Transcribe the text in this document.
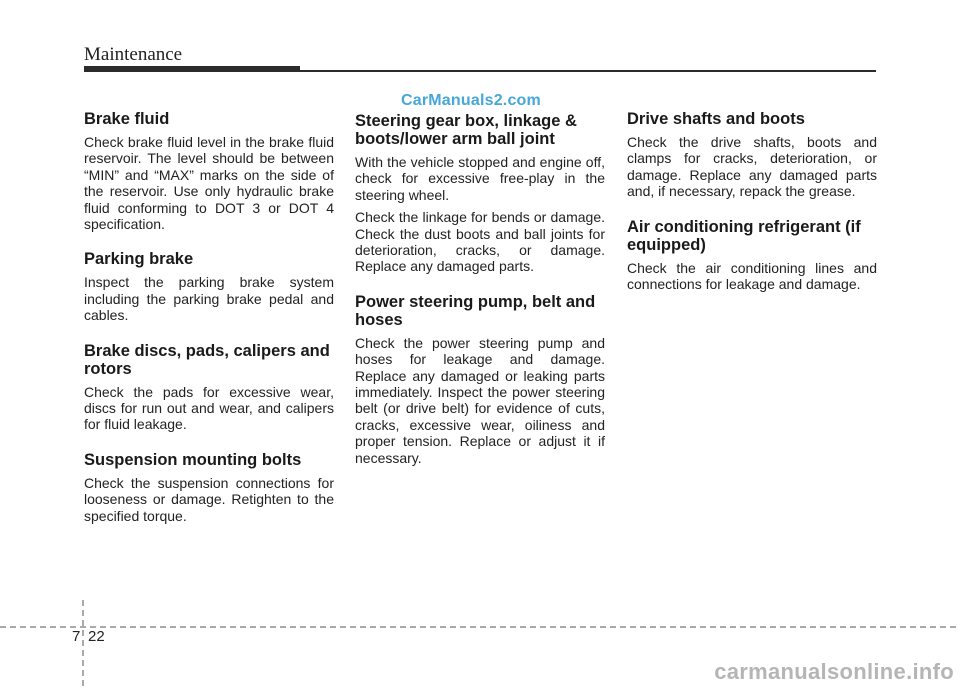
Maintenance
CarManuals2.com
Brake fluid

Check brake fluid level in the brake fluid reservoir. The level should be between “MIN” and “MAX” marks on the side of the reservoir. Use only hydraulic brake fluid conforming to DOT 3 or DOT 4 specification.

Parking brake

Inspect the parking brake system including the parking brake pedal and cables.

Brake discs, pads, calipers and rotors

Check the pads for excessive wear, discs for run out and wear, and calipers for fluid leakage.

Suspension mounting bolts

Check the suspension connections for looseness or damage. Retighten to the specified torque.

Steering gear box, linkage & boots/lower arm ball joint

With the vehicle stopped and engine off, check for excessive free-play in the steering wheel.

Check the linkage for bends or damage. Check the dust boots and ball joints for deterioration, cracks, or damage. Replace any damaged parts.

Power steering pump, belt and hoses

Check the power steering pump and hoses for leakage and damage. Replace any damaged or leaking parts immediately. Inspect the power steering belt (or drive belt) for evidence of cuts, cracks, excessive wear, oiliness and proper tension. Replace or adjust it if necessary.

Drive shafts and boots

Check the drive shafts, boots and clamps for cracks, deterioration, or damage. Replace any damaged parts and, if necessary, repack the grease.

Air conditioning refrigerant (if equipped)

Check the air conditioning lines and connections for leakage and damage.

7 22
carmanualsonline.info
